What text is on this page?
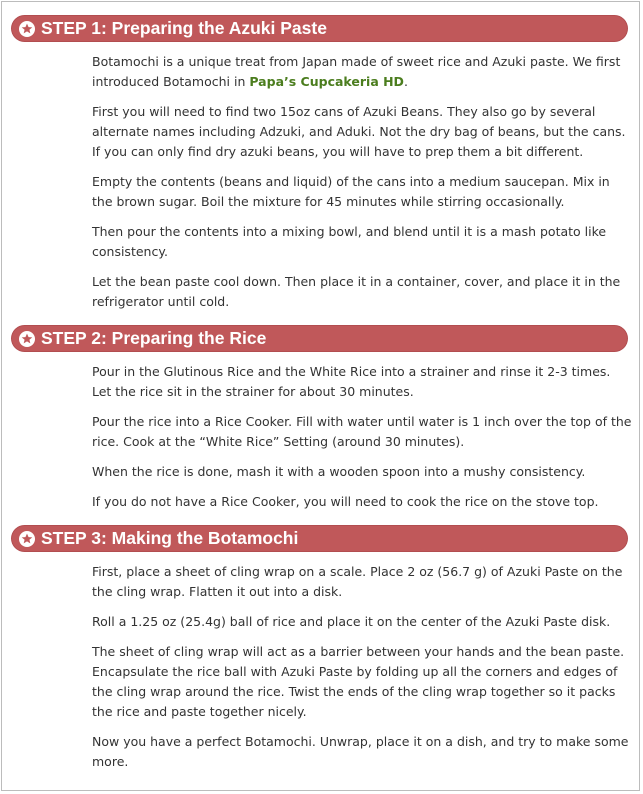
STEP 1: Preparing the Azuki Paste

Botamochi is a unique treat from Japan made of sweet rice and Azuki paste. We first introduced Botamochi in Papa’s Cupcakeria HD.

First you will need to find two 15oz cans of Azuki Beans. They also go by several alternate names including Adzuki, and Aduki. Not the dry bag of beans, but the cans. If you can only find dry azuki beans, you will have to prep them a bit different.

Empty the contents (beans and liquid) of the cans into a medium saucepan. Mix in the brown sugar. Boil the mixture for 45 minutes while stirring occasionally.

Then pour the contents into a mixing bowl, and blend until it is a mash potato like consistency.

Let the bean paste cool down. Then place it in a container, cover, and place it in the refrigerator until cold.

STEP 2: Preparing the Rice

Pour in the Glutinous Rice and the White Rice into a strainer and rinse it 2-3 times. Let the rice sit in the strainer for about 30 minutes.

Pour the rice into a Rice Cooker. Fill with water until water is 1 inch over the top of the rice. Cook at the “White Rice” Setting (around 30 minutes).

When the rice is done, mash it with a wooden spoon into a mushy consistency.

If you do not have a Rice Cooker, you will need to cook the rice on the stove top.

STEP 3: Making the Botamochi

First, place a sheet of cling wrap on a scale. Place 2 oz (56.7 g) of Azuki Paste on the the cling wrap. Flatten it out into a disk.

Roll a 1.25 oz (25.4g) ball of rice and place it on the center of the Azuki Paste disk.

The sheet of cling wrap will act as a barrier between your hands and the bean paste. Encapsulate the rice ball with Azuki Paste by folding up all the corners and edges of the cling wrap around the rice. Twist the ends of the cling wrap together so it packs the rice and paste together nicely.

Now you have a perfect Botamochi. Unwrap, place it on a dish, and try to make some more.
